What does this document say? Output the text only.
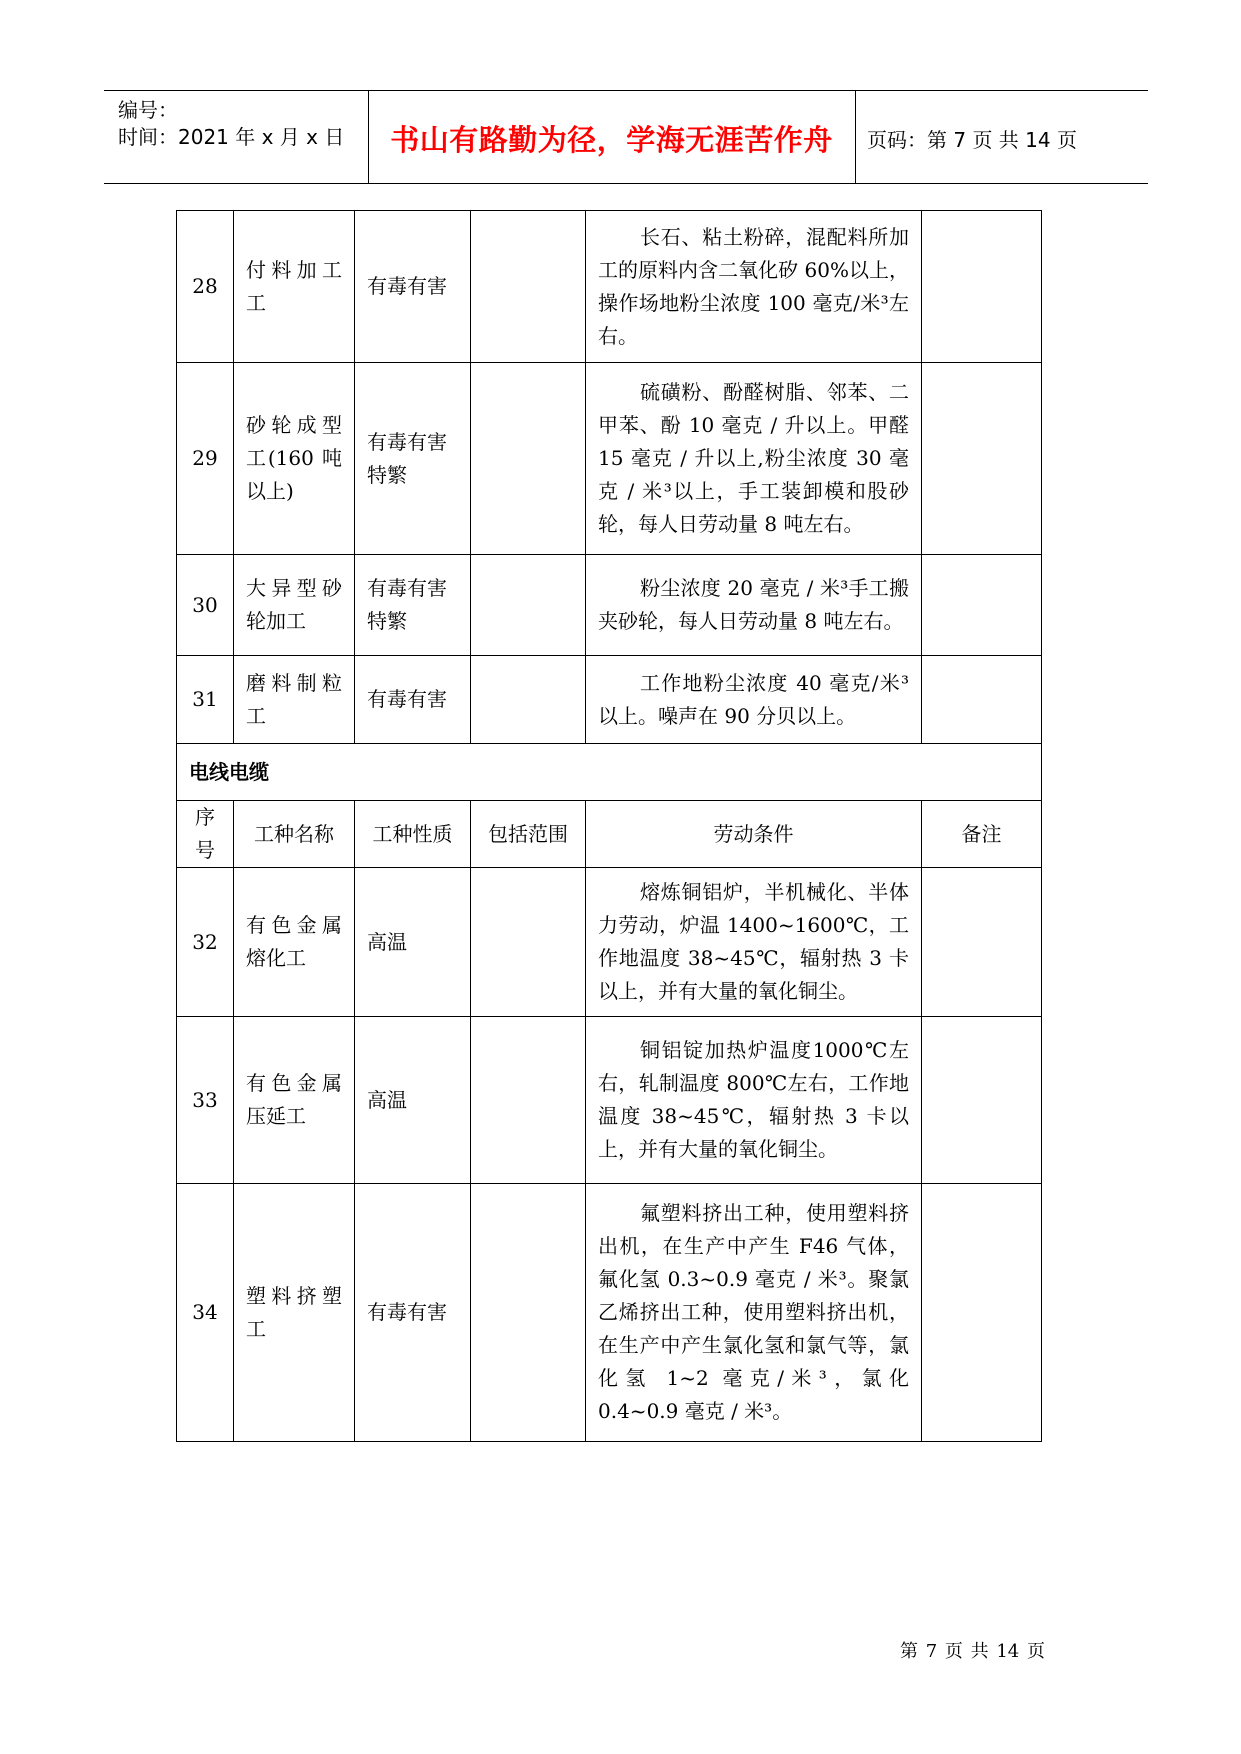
编号：
时间：2021 年 x 月 x 日	书山有路勤为径，学海无涯苦作舟	页码：第 7 页 共 14 页
28	付料加工工	有毒有害		长石、粘土粉碎，混配料所加工的原料内含二氧化矽 60%以上，操作场地粉尘浓度 100 毫克/米³左右。	
29	砂轮成型工(160 吨以上)	有毒有害特繁		硫磺粉、酚醛树脂、邻苯、二甲苯、酚 10 毫克 / 升以上。甲醛 15 毫克 / 升以上,粉尘浓度 30 毫克 / 米³以上，手工装卸模和股砂轮，每人日劳动量 8 吨左右。	
30	大异型砂轮加工	有毒有害特繁		粉尘浓度 20 毫克 / 米³手工搬夹砂轮，每人日劳动量 8 吨左右。	
31	磨料制粒工	有毒有害		工作地粉尘浓度 40 毫克/米³以上。噪声在 90 分贝以上。	
电线电缆					
序号	工种名称	工种性质	包括范围	劳动条件	备注
32	有色金属熔化工	高温		熔炼铜铝炉，半机械化、半体力劳动，炉温 1400~1600℃，工作地温度 38~45℃，辐射热 3 卡以上，并有大量的氧化铜尘。	
33	有色金属压延工	高温		铜铝锭加热炉温度1000℃左右，轧制温度 800℃左右，工作地温度 38~45℃，辐射热 3 卡以上，并有大量的氧化铜尘。	
34	塑料挤塑工	有毒有害		氟塑料挤出工种，使用塑料挤出机，在生产中产生 F46 气体，氟化氢 0.3~0.9 毫克 / 米³。聚氯乙烯挤出工种，使用塑料挤出机，在生产中产生氯化氢和氯气等，氯化氢 1~2 毫克/米³，氯化 0.4~0.9 毫克 / 米³。	
第 7 页 共 14 页
